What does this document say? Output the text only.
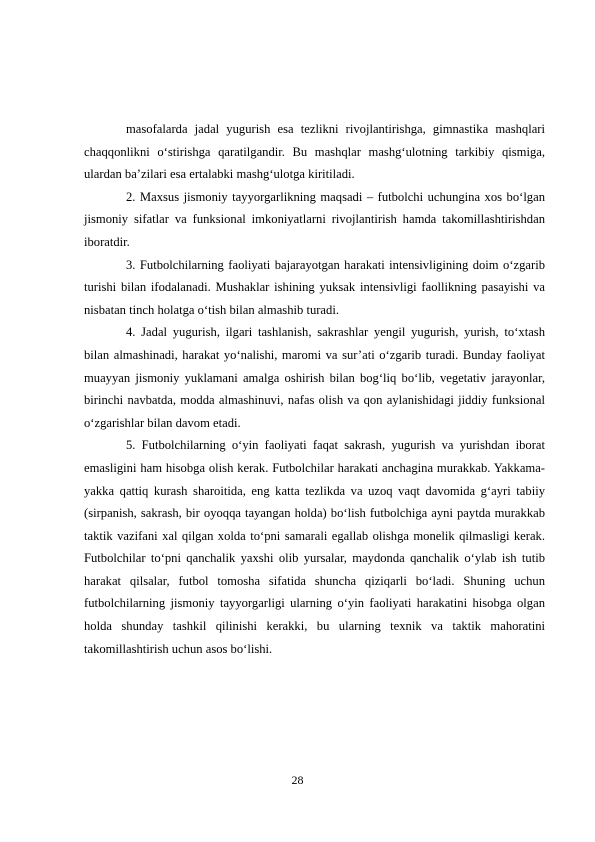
masofalarda jadal yugurish esa tezlikni rivojlantirishga, gimnastika mashqlari chaqqonlikni o‘stirishga qaratilgandir. Bu mashqlar mashg‘ulotning tarkibiy qismiga, ulardan ba’zilari esa ertalabki mashg‘ulotga kiritiladi.

2. Maxsus jismoniy tayyorgarlikning maqsadi – futbolchi uchungina xos bo‘lgan jismoniy sifatlar va funksional imkoniyatlarni rivojlantirish hamda takomillashtirishdan iboratdir.

3. Futbolchilarning faoliyati bajarayotgan harakati intensivligining doim o‘zgarib turishi bilan ifodalanadi. Mushaklar ishining yuksak intensivligi faollikning pasayishi va nisbatan tinch holatga o‘tish bilan almashib turadi.

4. Jadal yugurish, ilgari tashlanish, sakrashlar yengil yugurish, yurish, to‘xtash bilan almashinadi, harakat yo‘nalishi, maromi va sur’ati o‘zgarib turadi. Bunday faoliyat muayyan jismoniy yuklamani amalga oshirish bilan bog‘liq bo‘lib, vegetativ jarayonlar, birinchi navbatda, modda almashinuvi, nafas olish va qon aylanishidagi jiddiy funksional o‘zgarishlar bilan davom etadi.

5. Futbolchilarning o‘yin faoliyati faqat sakrash, yugurish va yurishdan iborat emasligini ham hisobga olish kerak. Futbolchilar harakati anchagina murakkab. Yakkama-yakka qattiq kurash sharoitida, eng katta tezlikda va uzoq vaqt davomida g‘ayri tabiiy (sirpanish, sakrash, bir oyoqqa tayangan holda) bo‘lish futbolchiga ayni paytda murakkab taktik vazifani xal qilgan xolda to‘pni samarali egallab olishga monelik qilmasligi kerak. Futbolchilar to‘pni qanchalik yaxshi olib yursalar, maydonda qanchalik o‘ylab ish tutib harakat qilsalar, futbol tomosha sifatida shuncha qiziqarli bo‘ladi. Shuning uchun futbolchilarning jismoniy tayyorgarligi ularning o‘yin faoliyati harakatini hisobga olgan holda shunday tashkil qilinishi kerakki, bu ularning texnik va taktik mahoratini takomillashtirish uchun asos bo‘lishi.

28
